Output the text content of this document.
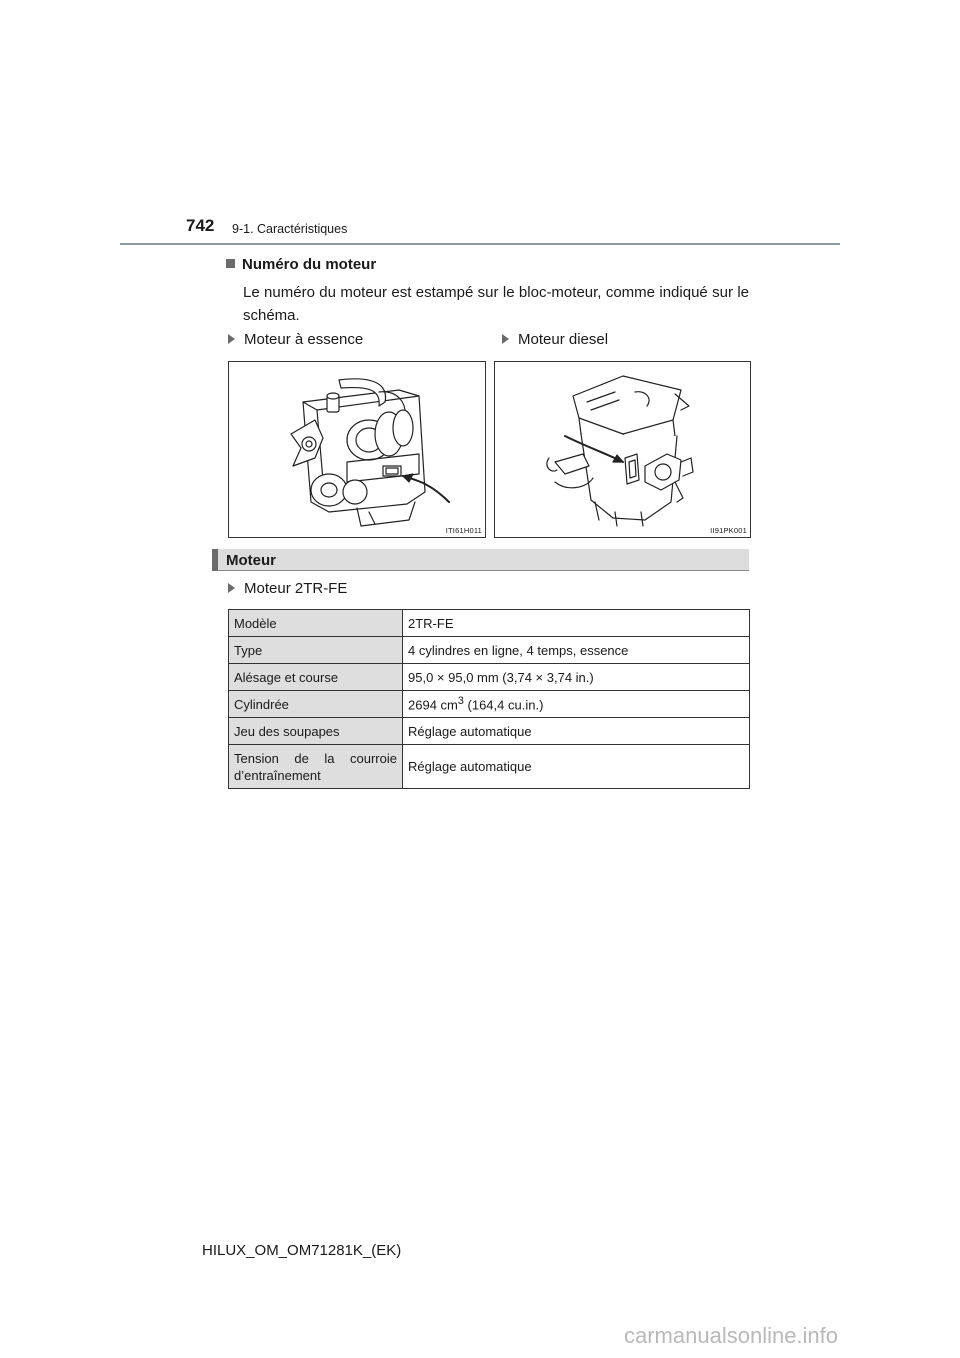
742 9-1. Caractéristiques
Numéro du moteur
Le numéro du moteur est estampé sur le bloc-moteur, comme indiqué sur le schéma.
Moteur à essence	Moteur diesel
ITI61H011	II91PK001
Moteur
Moteur 2TR-FE
Modèle	2TR-FE
Type	4 cylindres en ligne, 4 temps, essence
Alésage et course	95,0 × 95,0 mm (3,74 × 3,74 in.)
Cylindrée	2694 $cm^3$ (164,4 cu.in.)
Jeu des soupapes	Réglage automatique
Tension de la courroie d’entraînement	Réglage automatique
HILUX_OM_OM71281K_(EK)
carmanualsonline.info
